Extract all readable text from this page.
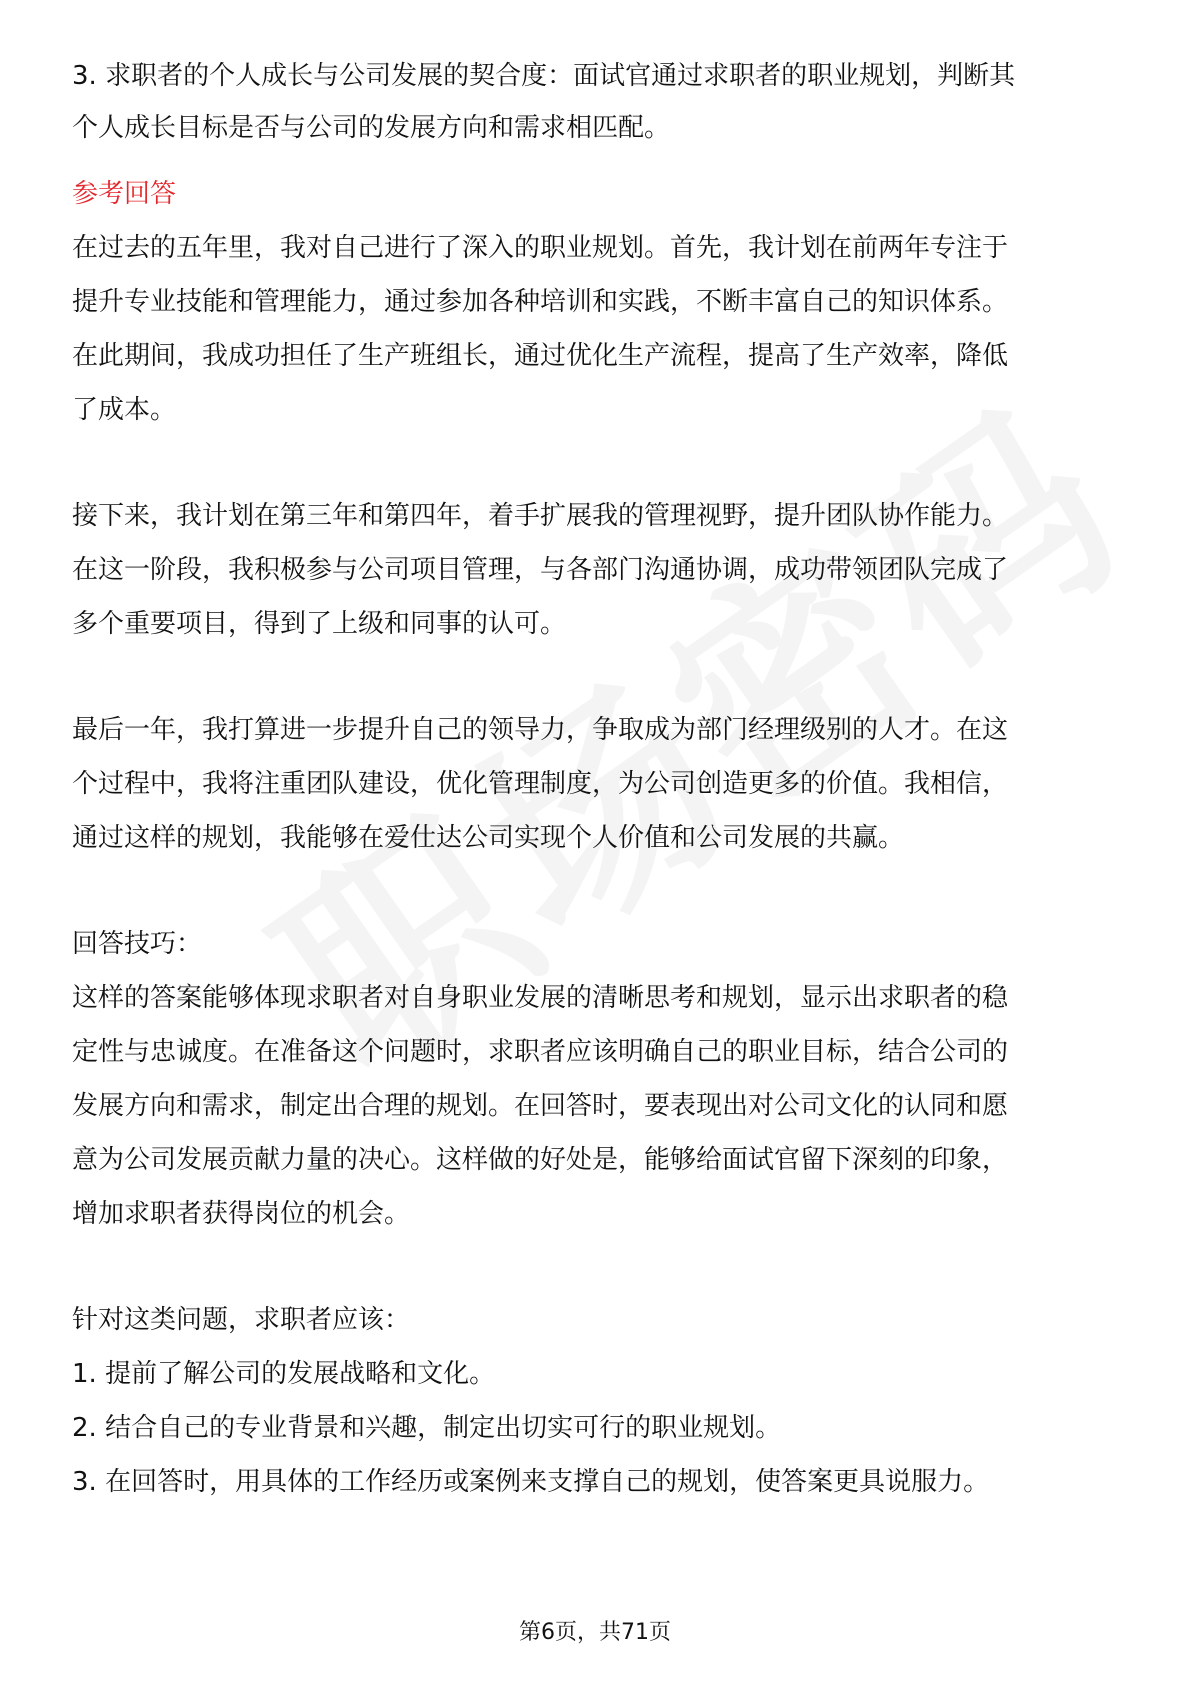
3. 求职者的个人成长与公司发展的契合度：面试官通过求职者的职业规划，判断其
个人成长目标是否与公司的发展方向和需求相匹配。
参考回答
在过去的五年里，我对自己进行了深入的职业规划。首先，我计划在前两年专注于
提升专业技能和管理能力，通过参加各种培训和实践，不断丰富自己的知识体系。
在此期间，我成功担任了生产班组长，通过优化生产流程，提高了生产效率，降低
了成本。
接下来，我计划在第三年和第四年，着手扩展我的管理视野，提升团队协作能力。
在这一阶段，我积极参与公司项目管理，与各部门沟通协调，成功带领团队完成了
多个重要项目，得到了上级和同事的认可。
最后一年，我打算进一步提升自己的领导力，争取成为部门经理级别的人才。在这
个过程中，我将注重团队建设，优化管理制度，为公司创造更多的价值。我相信，
通过这样的规划，我能够在爱仕达公司实现个人价值和公司发展的共赢。
回答技巧：
这样的答案能够体现求职者对自身职业发展的清晰思考和规划，显示出求职者的稳
定性与忠诚度。在准备这个问题时，求职者应该明确自己的职业目标，结合公司的
发展方向和需求，制定出合理的规划。在回答时，要表现出对公司文化的认同和愿
意为公司发展贡献力量的决心。这样做的好处是，能够给面试官留下深刻的印象，
增加求职者获得岗位的机会。
针对这类问题，求职者应该：
1. 提前了解公司的发展战略和文化。
2. 结合自己的专业背景和兴趣，制定出切实可行的职业规划。
3. 在回答时，用具体的工作经历或案例来支撑自己的规划，使答案更具说服力。
第6页，共71页
